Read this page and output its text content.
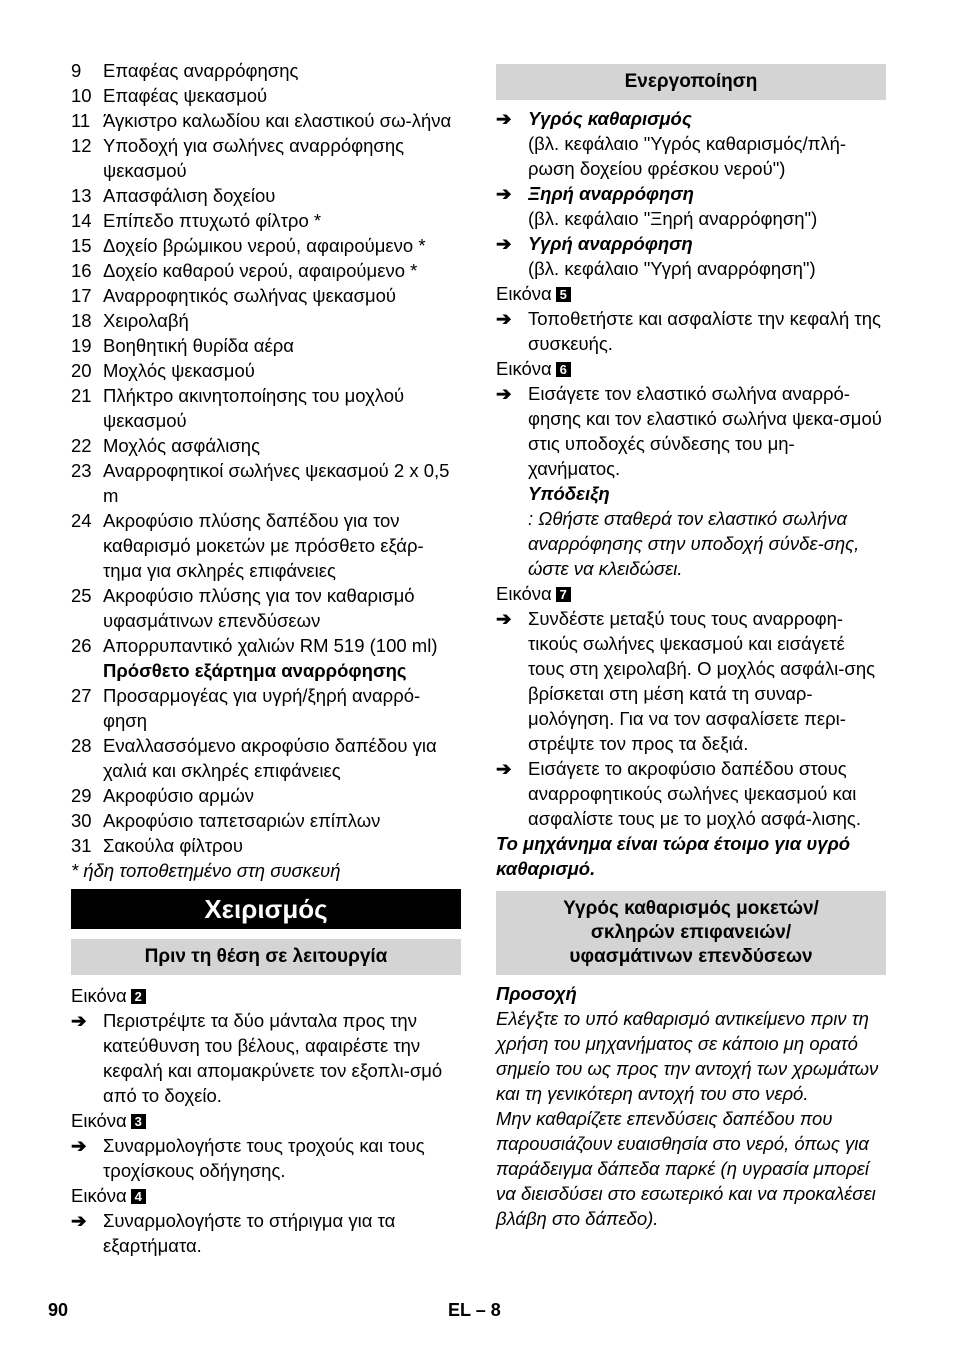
9	Επαφέας αναρρόφησης
10 Επαφέας ψεκασμού
11 Άγκιστρο καλωδίου και ελαστικού σω-λήνα
12 Υποδοχή για σωλήνες αναρρόφησης ψεκασμού
13 Απασφάλιση δοχείου
14 Επίπεδο πτυχωτό φίλτρο *
15 Δοχείο βρώμικου νερού, αφαιρούμενο *
16 Δοχείο καθαρού νερού, αφαιρούμενο *
17 Αναρροφητικός σωλήνας ψεκασμού
18 Χειρολαβή
19 Βοηθητική θυρίδα αέρα
20 Μοχλός ψεκασμού
21 Πλήκτρο ακινητοποίησης του μοχλού ψεκασμού
22 Μοχλός ασφάλισης
23 Αναρροφητικοί σωλήνες ψεκασμού 2 x 0,5 m
24 Ακροφύσιο πλύσης δαπέδου για τον καθαρισμό μοκετών με πρόσθετο εξάρ-τημα για σκληρές επιφάνειες
25 Ακροφύσιο πλύσης για τον καθαρισμό υφασμάτινων επενδύσεων
26 Απορρυπαντικό χαλιών RM 519 (100 ml)
Πρόσθετο εξάρτημα αναρρόφησης
27 Προσαρμογέας για υγρή/ξηρή αναρρό-φηση
28 Εναλλασσόμενο ακροφύσιο δαπέδου για χαλιά και σκληρές επιφάνειες
29 Ακροφύσιο αρμών
30 Ακροφύσιο ταπετσαριών επίπλων
31 Σακούλα φίλτρου
* ήδη τοποθετημένο στη συσκευή
Χειρισμός
Πριν τη θέση σε λειτουργία
Εικόνα 2
➔ Περιστρέψτε τα δύο μάνταλα προς την κατεύθυνση του βέλους, αφαιρέστε την κεφαλή και απομακρύνετε τον εξοπλι-σμό από το δοχείο.
Εικόνα 3
➔ Συναρμολογήστε τους τροχούς και τους τροχίσκους οδήγησης.
Εικόνα 4
➔ Συναρμολογήστε το στήριγμα για τα εξαρτήματα.
Ενεργοποίηση
➔ Υγρός καθαρισμός
(βλ. κεφάλαιο "Υγρός καθαρισμός/πλή-ρωση δοχείου φρέσκου νερού")
➔ Ξηρή αναρρόφηση
(βλ. κεφάλαιο "Ξηρή αναρρόφηση")
➔ Υγρή αναρρόφηση
(βλ. κεφάλαιο "Υγρή αναρρόφηση")
Εικόνα 5
➔ Τοποθετήστε και ασφαλίστε την κεφαλή της συσκευής.
Εικόνα 6
➔ Εισάγετε τον ελαστικό σωλήνα αναρρό-φησης και τον ελαστικό σωλήνα ψεκα-σμού στις υποδοχές σύνδεσης του μη-χανήματος.
Υπόδειξη
: Ωθήστε σταθερά τον ελαστικό σωλήνα αναρρόφησης στην υποδοχή σύνδε-σης, ώστε να κλειδώσει.
Εικόνα 7
➔ Συνδέστε μεταξύ τους τους αναρροφη-τικούς σωλήνες ψεκασμού και εισάγετέ τους στη χειρολαβή. Ο μοχλός ασφάλι-σης βρίσκεται στη μέση κατά τη συναρ-μολόγηση. Για να τον ασφαλίσετε περι-στρέψτε τον προς τα δεξιά.
➔ Εισάγετε το ακροφύσιο δαπέδου στους αναρροφητικούς σωλήνες ψεκασμού και ασφαλίστε τους με το μοχλό ασφά-λισης.
Το μηχάνημα είναι τώρα έτοιμο για υγρό καθαρισμό.
Υγρός καθαρισμός μοκετών/
σκληρών επιφανειών/
υφασμάτινων επενδύσεων
Προσοχή
Ελέγξτε το υπό καθαρισμό αντικείμενο πριν τη χρήση του μηχανήματος σε κάποιο μη ορατό σημείο του ως προς την αντοχή των χρωμάτων και τη γενικότερη αντοχή του στο νερό.
Μην καθαρίζετε επενδύσεις δαπέδου που παρουσιάζουν ευαισθησία στο νερό, όπως για παράδειγμα δάπεδα παρκέ (η υγρασία μπορεί να διεισδύσει στο εσωτερικό και να προκαλέσει βλάβη στο δάπεδο).
90	EL – 8
